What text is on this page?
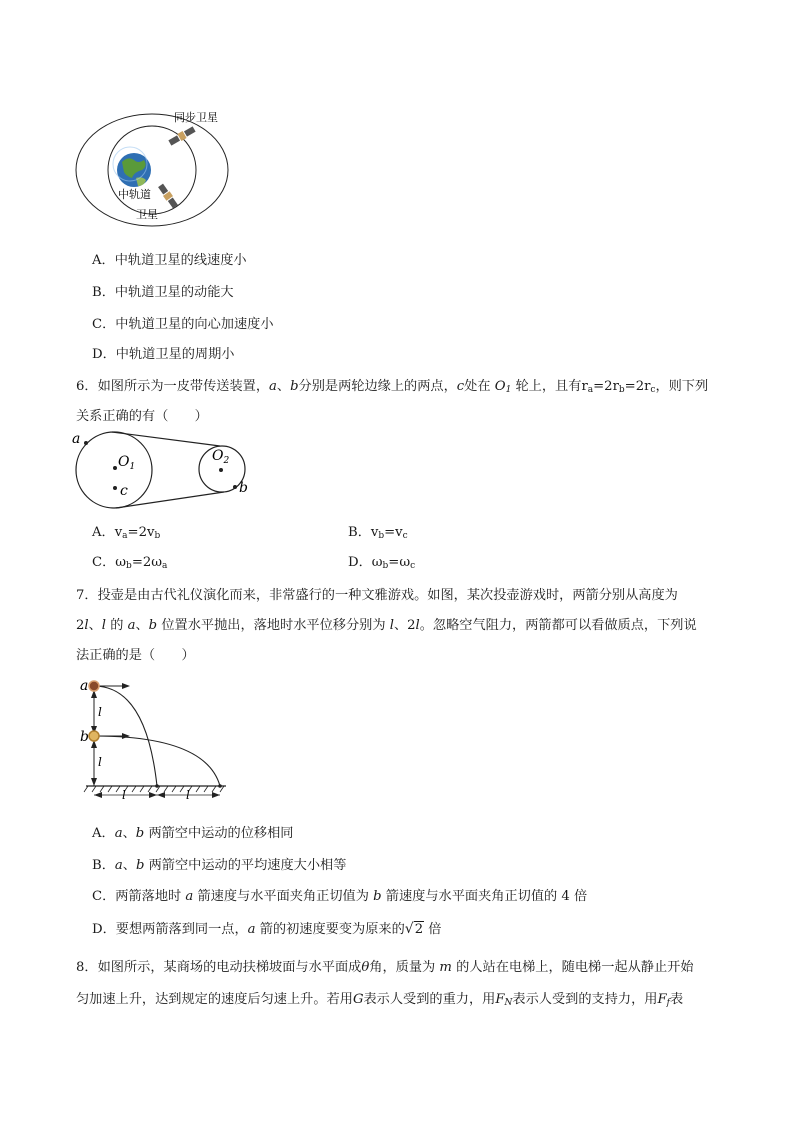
同步卫星
中轨道
卫星
A．中轨道卫星的线速度小
B．中轨道卫星的动能大
C．中轨道卫星的向心加速度小
D．中轨道卫星的周期小
6．如图所示为一皮带传送装置，a、b分别是两轮边缘上的两点，c处在 $O_1$ 轮上，且有$r_a=2r_b=2r_c$，则下列
关系正确的有（　　）
a
$O_1$
c
$O_2$
b
A．$v_a=2v_b$	B．$v_b=v_c$
C．$\omega_b=2\omega_a$	D．$\omega_b=\omega_c$
7．投壶是由古代礼仪演化而来，非常盛行的一种文雅游戏。如图，某次投壶游戏时，两箭分别从高度为
2l、l 的 a、b 位置水平抛出，落地时水平位移分别为 l、2l。忽略空气阻力，两箭都可以看做质点，下列说
法正确的是（　　）
a
b
l
l
l	l
A．a、b 两箭空中运动的位移相同
B．a、b 两箭空中运动的平均速度大小相等
C．两箭落地时 a 箭速度与水平面夹角正切值为 b 箭速度与水平面夹角正切值的 4 倍
D．要想两箭落到同一点，a 箭的初速度要变为原来的√2 倍
8．如图所示，某商场的电动扶梯坡面与水平面成θ角，质量为 m 的人站在电梯上，随电梯一起从静止开始
匀加速上升，达到规定的速度后匀速上升。若用G表示人受到的重力，用$F_N$表示人受到的支持力，用$F_f$表
